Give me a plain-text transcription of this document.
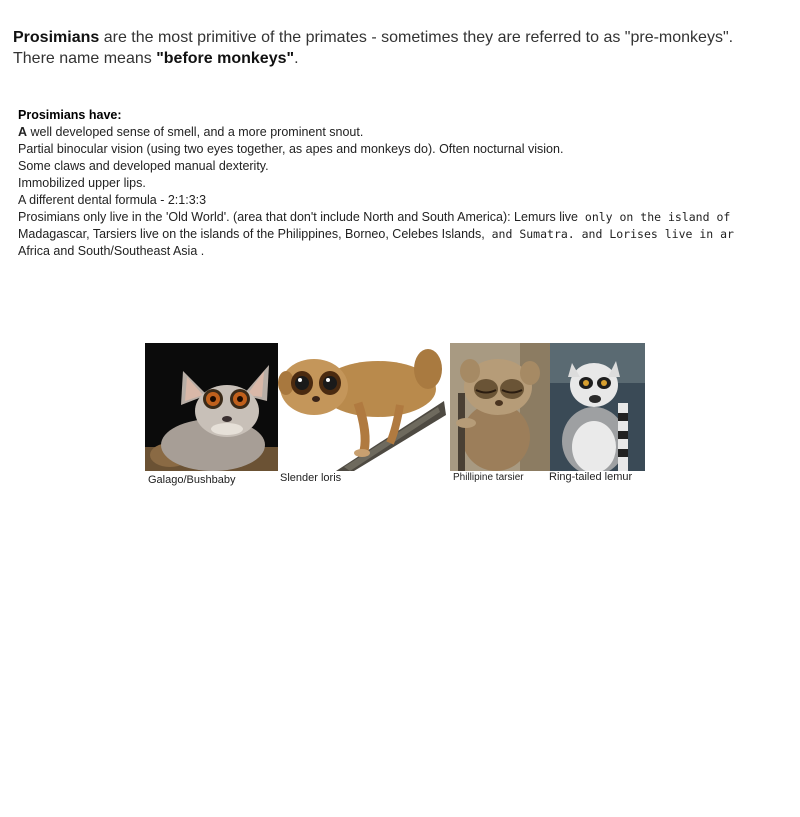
Prosimians are the most primitive of the primates - sometimes they are referred to as "pre-monkeys".
There name means "before monkeys".
Prosimians have:
A well developed sense of smell, and a more prominent snout.
Partial binocular vision (using two eyes together, as apes and monkeys do). Often nocturnal vision.
Some claws and developed manual dexterity.
Immobilized upper lips.
A different dental formula - 2:1:3:3
Prosimians only live in the 'Old World'. (area that don't include North and South America): Lemurs live only on the island of
Madagascar, Tarsiers live on the islands of the Philippines, Borneo, Celebes Islands, and Sumatra. and Lorises live in ar
Africa and South/Southeast Asia .
Galago/Bushbaby	Slender loris	Phillipine tarsier Ring-tailed lemur
